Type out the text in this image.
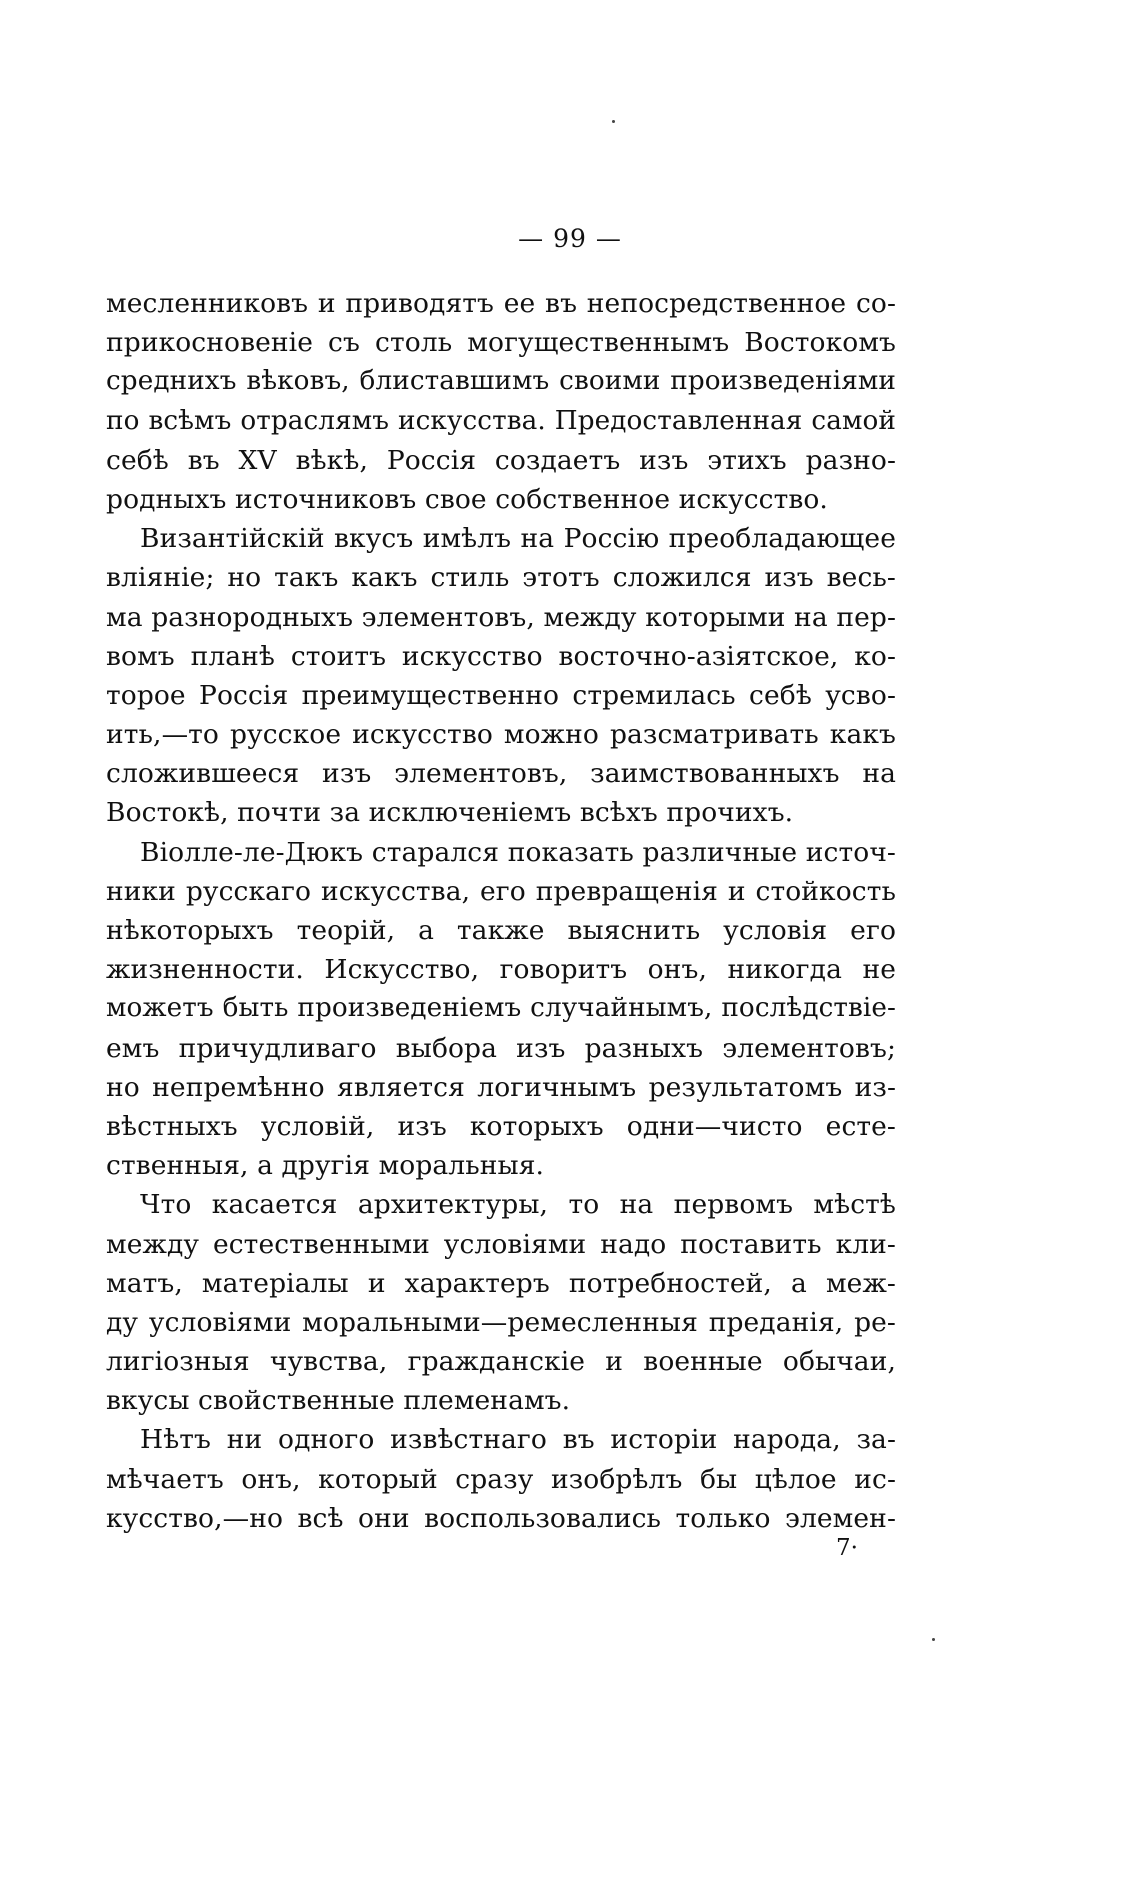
— 99 —
месленниковъ и приводятъ ее въ непосредственное со-
прикосновеніе съ столь могущественнымъ Востокомъ
среднихъ вѣковъ, блиставшимъ своими произведеніями
по всѣмъ отраслямъ искусства. Предоставленная самой
себѣ въ XV вѣкѣ, Россія создаетъ изъ этихъ разно-
родныхъ источниковъ свое собственное искусство.
Византійскій вкусъ имѣлъ на Россію преобладающее
вліяніе; но такъ какъ стиль этотъ сложился изъ весь-
ма разнородныхъ элементовъ, между которыми на пер-
вомъ планѣ стоитъ искусство восточно-азіятское, ко-
торое Россія преимущественно стремилась себѣ усво-
ить,—то русское искусство можно разсматривать какъ
сложившееся изъ элементовъ, заимствованныхъ на
Востокѣ, почти за исключеніемъ всѣхъ прочихъ.
Віолле-ле-Дюкъ старался показать различные источ-
ники русскаго искусства, его превращенія и стойкость
нѣкоторыхъ теорій, а также выяснить условія его
жизненности. Искусство, говоритъ онъ, никогда не
можетъ быть произведеніемъ случайнымъ, послѣдствіе-
емъ причудливаго выбора изъ разныхъ элементовъ;
но непремѣнно является логичнымъ результатомъ из-
вѣстныхъ условій, изъ которыхъ одни—чисто есте-
ственныя, а другія моральныя.
Что касается архитектуры, то на первомъ мѣстѣ
между естественными условіями надо поставить кли-
матъ, матеріалы и характеръ потребностей, а меж-
ду условіями моральными—ремесленныя преданія, ре-
лигіозныя чувства, гражданскіе и военные обычаи,
вкусы свойственные племенамъ.
Нѣтъ ни одного извѣстнаго въ исторіи народа, за-
мѣчаетъ онъ, который сразу изобрѣлъ бы цѣлое ис-
кусство,—но всѣ они воспользовались только элемен-
7·
